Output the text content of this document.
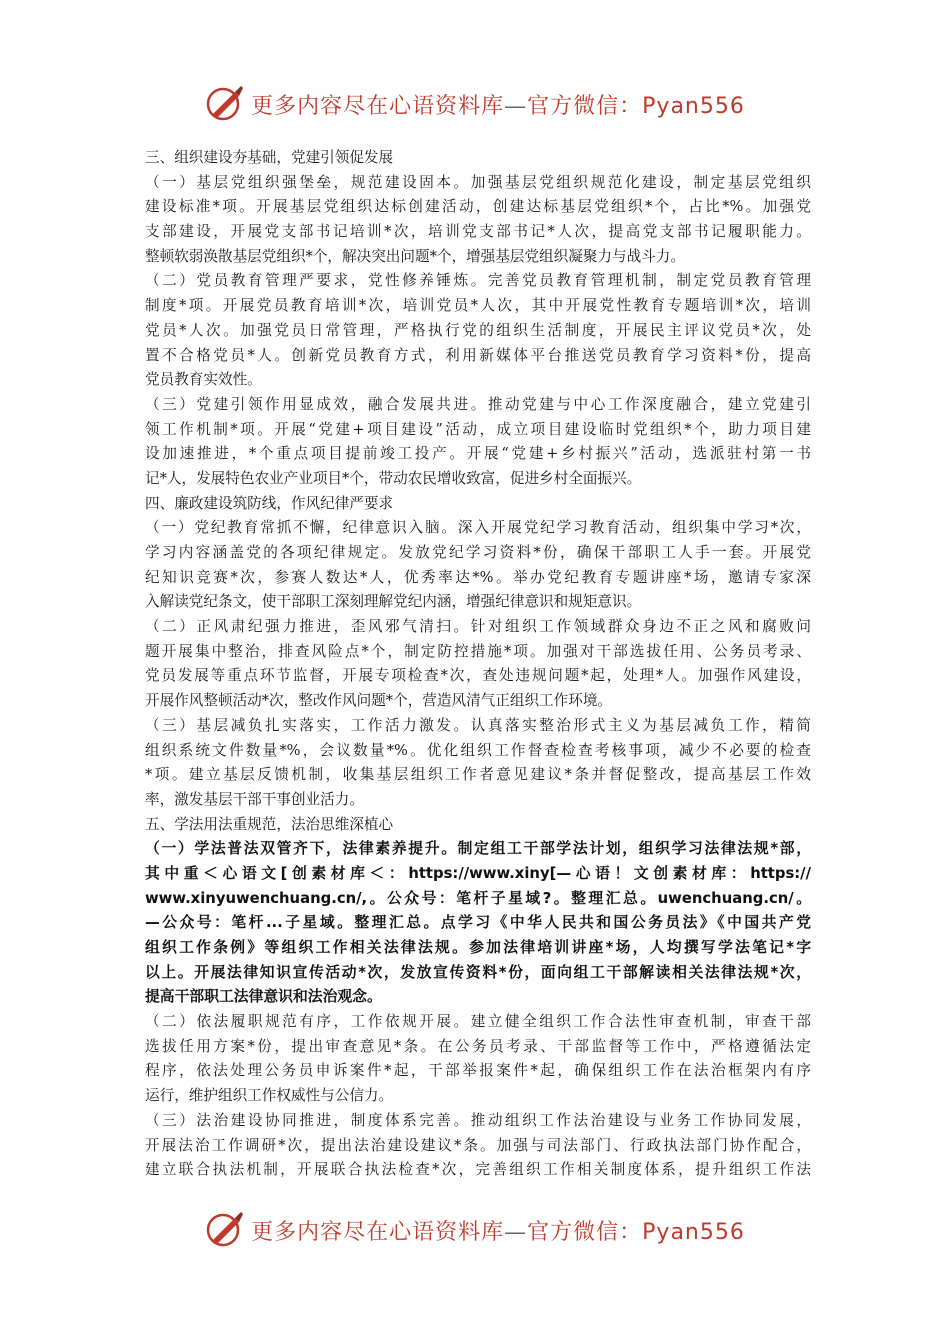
更多内容尽在心语资料库—官方微信：Pyan556
三、组织建设夯基础，党建引领促发展
（一）基层党组织强堡垒，规范建设固本。加强基层党组织规范化建设，制定基层党组织
建设标准*项。开展基层党组织达标创建活动，创建达标基层党组织*个，占比*%。加强党
支部建设，开展党支部书记培训*次，培训党支部书记*人次，提高党支部书记履职能力。
整顿软弱涣散基层党组织*个，解决突出问题*个，增强基层党组织凝聚力与战斗力。
（二）党员教育管理严要求，党性修养锤炼。完善党员教育管理机制，制定党员教育管理
制度*项。开展党员教育培训*次，培训党员*人次，其中开展党性教育专题培训*次，培训
党员*人次。加强党员日常管理，严格执行党的组织生活制度，开展民主评议党员*次，处
置不合格党员*人。创新党员教育方式，利用新媒体平台推送党员教育学习资料*份，提高
党员教育实效性。
（三）党建引领作用显成效，融合发展共进。推动党建与中心工作深度融合，建立党建引
领工作机制*项。开展“党建+项目建设”活动，成立项目建设临时党组织*个，助力项目建
设加速推进，*个重点项目提前竣工投产。开展“党建+乡村振兴”活动，选派驻村第一书
记*人，发展特色农业产业项目*个，带动农民增收致富，促进乡村全面振兴。
四、廉政建设筑防线，作风纪律严要求
（一）党纪教育常抓不懈，纪律意识入脑。深入开展党纪学习教育活动，组织集中学习*次，
学习内容涵盖党的各项纪律规定。发放党纪学习资料*份，确保干部职工人手一套。开展党
纪知识竞赛*次，参赛人数达*人，优秀率达*%。举办党纪教育专题讲座*场，邀请专家深
入解读党纪条文，使干部职工深刻理解党纪内涵，增强纪律意识和规矩意识。
（二）正风肃纪强力推进，歪风邪气清扫。针对组织工作领域群众身边不正之风和腐败问
题开展集中整治，排查风险点*个，制定防控措施*项。加强对干部选拔任用、公务员考录、
党员发展等重点环节监督，开展专项检查*次，查处违规问题*起，处理*人。加强作风建设，
开展作风整顿活动*次，整改作风问题*个，营造风清气正组织工作环境。
（三）基层减负扎实落实，工作活力激发。认真落实整治形式主义为基层减负工作，精简
组织系统文件数量*%，会议数量*%。优化组织工作督查检查考核事项，减少不必要的检查
*项。建立基层反馈机制，收集基层组织工作者意见建议*条并督促整改，提高基层工作效
率，激发基层干部干事创业活力。
五、学法用法重规范，法治思维深植心
（一）学法普法双管齐下，法律素养提升。制定组工干部学法计划，组织学习法律法规*部，
其中重＜心语文[创素材库＜：https://www.xiny[—心语！文创素材库：https://
www.xinyuwenchuang.cn/,。公众号：笔杆子星域?。整理汇总。uwenchuang.cn/。
—公众号：笔杆...子星域。整理汇总。点学习《中华人民共和国公务员法》《中国共产党
组织工作条例》等组织工作相关法律法规。参加法律培训讲座*场，人均撰写学法笔记*字
以上。开展法律知识宣传活动*次，发放宣传资料*份，面向组工干部解读相关法律法规*次，
提高干部职工法律意识和法治观念。
（二）依法履职规范有序，工作依规开展。建立健全组织工作合法性审查机制，审查干部
选拔任用方案*份，提出审查意见*条。在公务员考录、干部监督等工作中，严格遵循法定
程序，依法处理公务员申诉案件*起，干部举报案件*起，确保组织工作在法治框架内有序
运行，维护组织工作权威性与公信力。
（三）法治建设协同推进，制度体系完善。推动组织工作法治建设与业务工作协同发展，
开展法治工作调研*次，提出法治建设建议*条。加强与司法部门、行政执法部门协作配合，
建立联合执法机制，开展联合执法检查*次，完善组织工作相关制度体系，提升组织工作法
更多内容尽在心语资料库—官方微信：Pyan556
